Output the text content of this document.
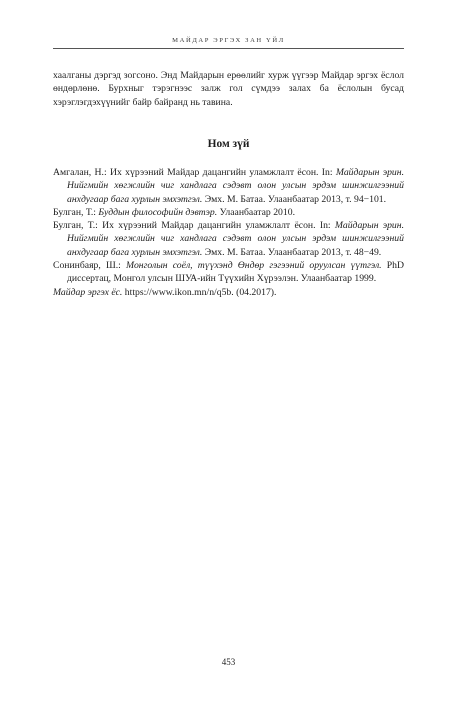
МАЙДАР ЭРГЭХ ЗАН ҮЙЛ

хаалганы дэргэд зогсоно. Энд Майдарын ерөөлийг хурж үүгээр Майдар эргэх ёслол өндөрлөнө. Бурхныг тэрэгнээс залж гол сүмдээ залах ба ёслолын бусад хэрэглэгдэхүүнийг байр байранд нь тавина.

Ном зүй

Амгалан, Н.: Их хүрээний Майдар дацангийн уламжлалт ёсон. In: Майдарын эрин. Нийгмийн хөгжлийн чиг хандлага сэдэвт олон улсын эрдэм шинжилгээний анхдугаар бага хурлын эмхэтгэл. Эмх. М. Батаа. Улаанбаатар 2013, т. 94−101.

Булган, Т.: Буддын философийн дэвтэр. Улаанбаатар 2010.

Булган, Т.: Их хүрээний Майдар дацангийн уламжлалт ёсон. In: Майдарын эрин. Нийгмийн хөгжлийн чиг хандлага сэдэвт олон улсын эрдэм шинжилгээний анхдугаар бага хурлын эмхэтгэл. Эмх. М. Батаа. Улаанбаатар 2013, т. 48−49.

Сонинбаяр, Ш.: Монголын соёл, түүхэнд Өндөр гэгээний оруулсан үүтгэл. PhD диссертац, Монгол улсын ШУА-ийн Түүхийн Хүрээлэн. Улаанбаатар 1999.

Майдар эргэх ёс. https://www.ikon.mn/n/q5b. (04.2017).

453
